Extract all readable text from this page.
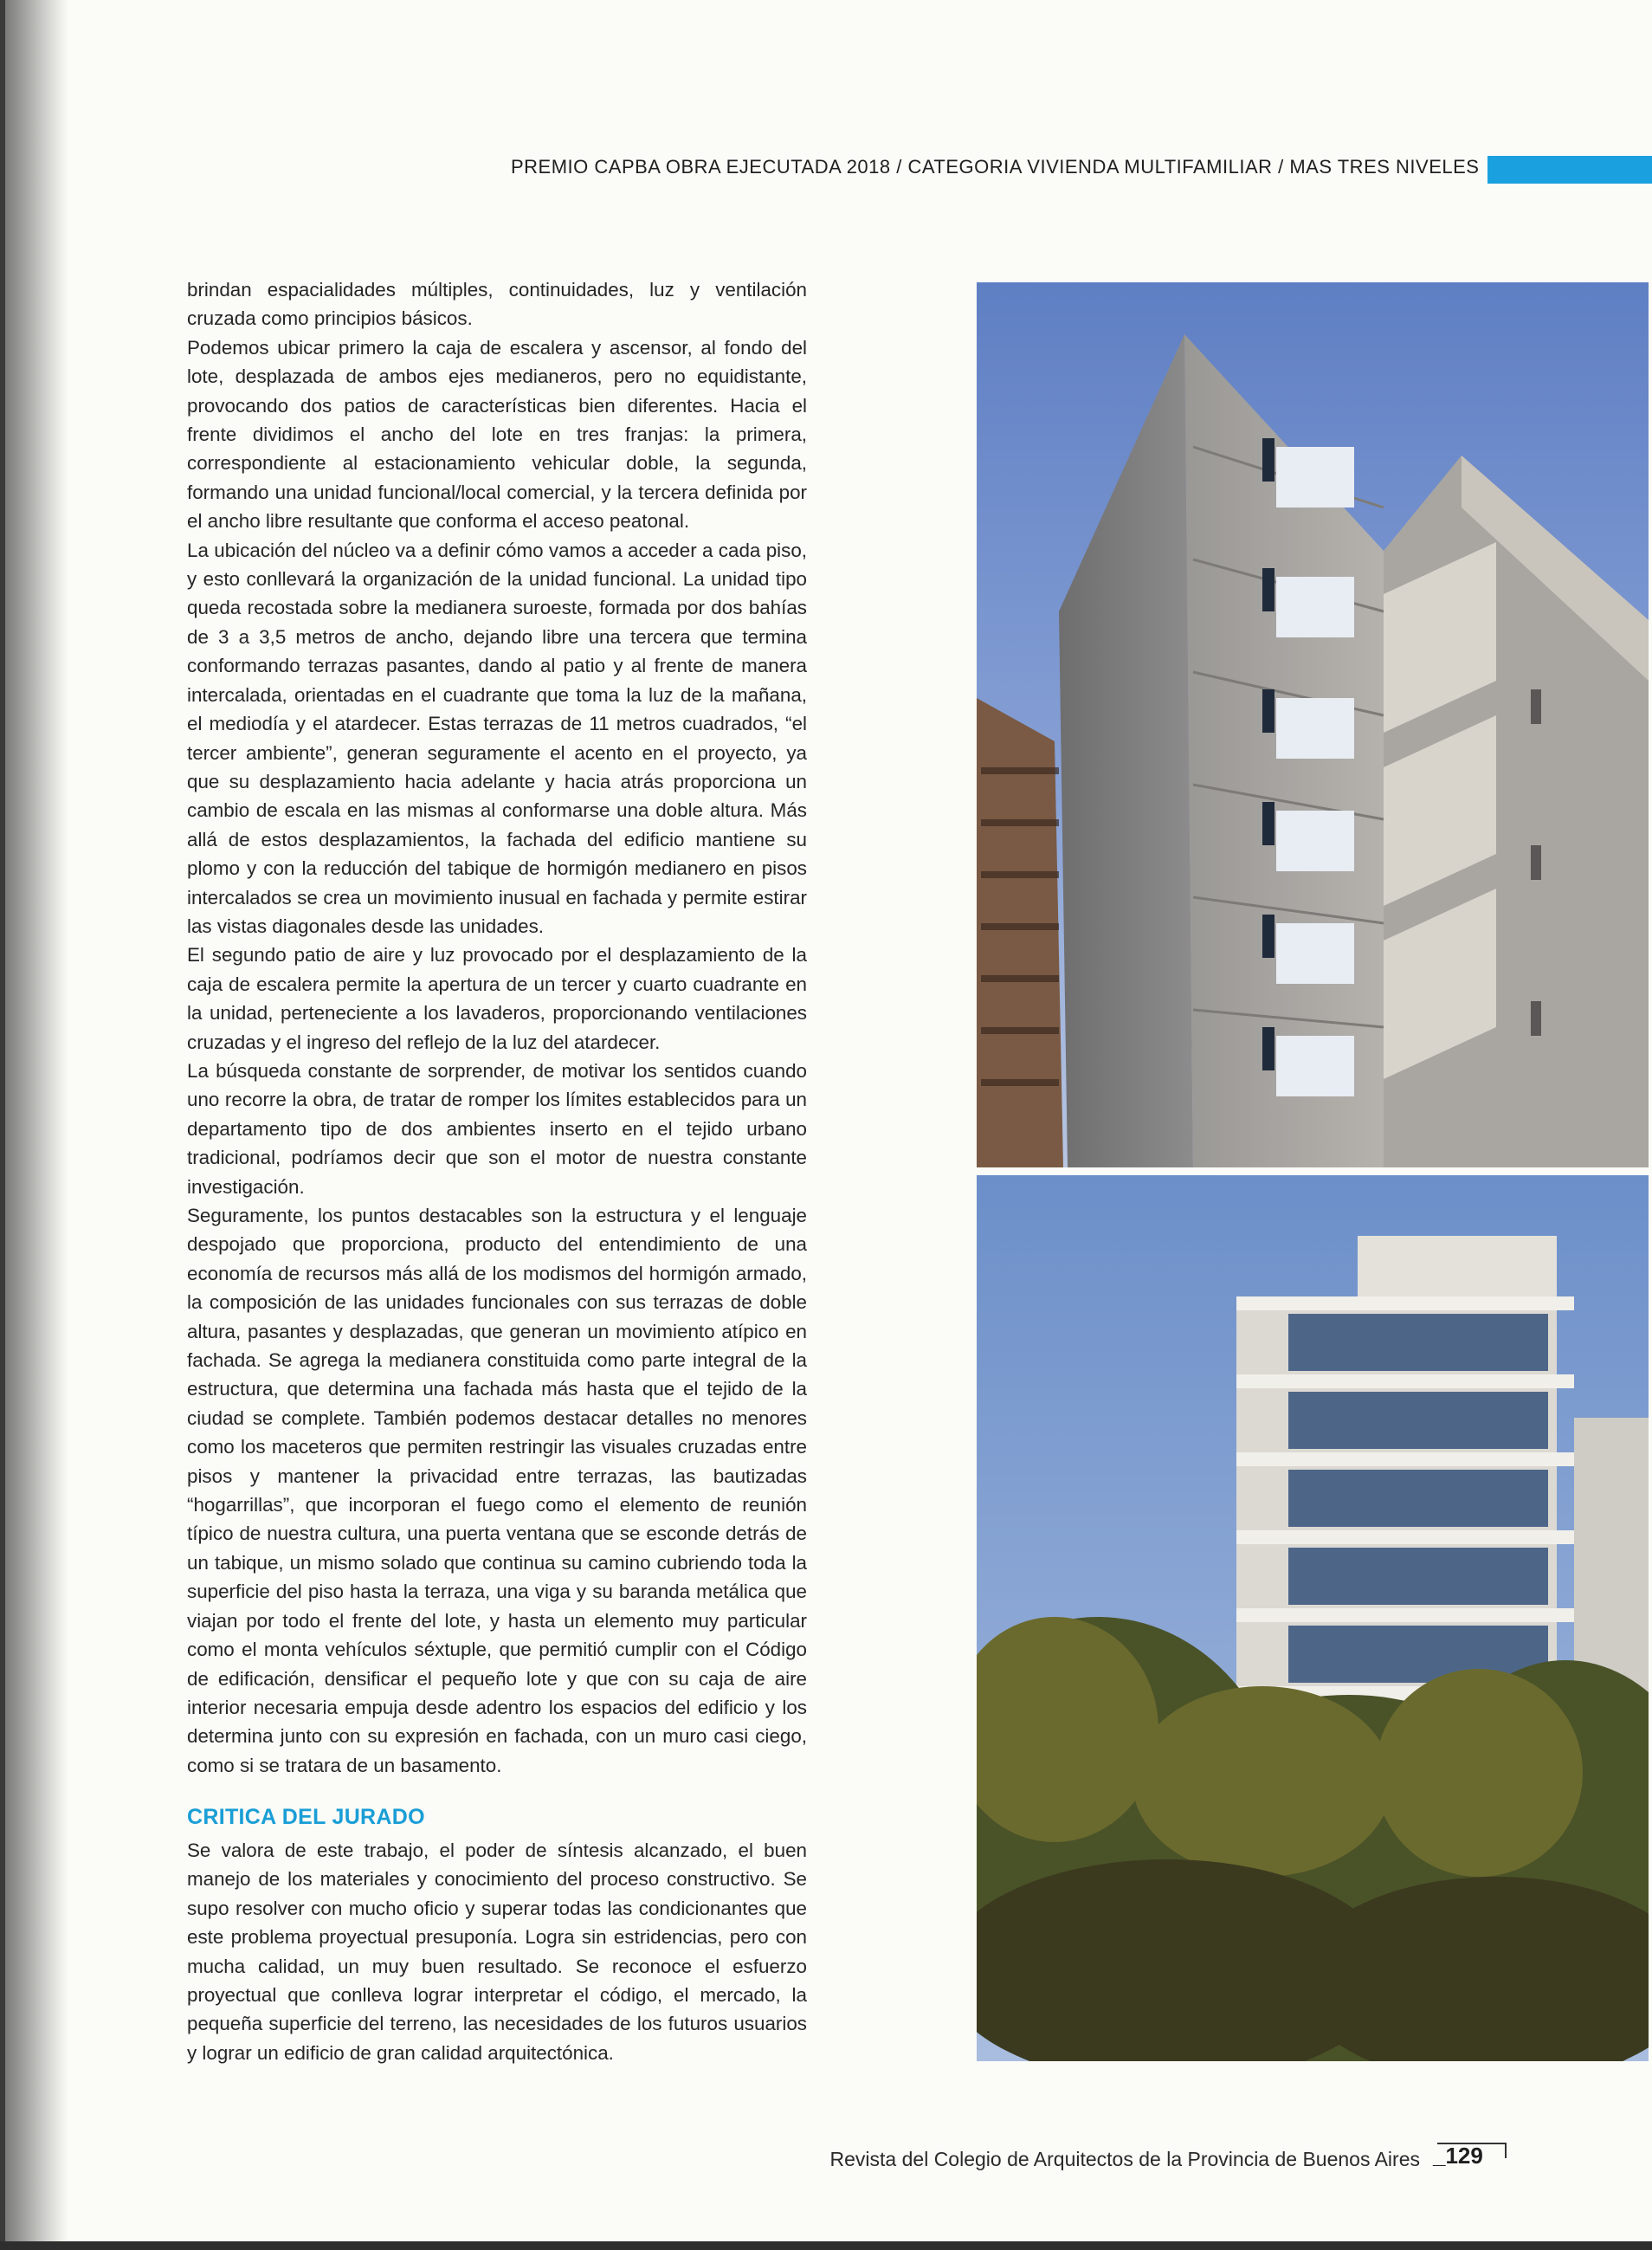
PREMIO CAPBA OBRA EJECUTADA 2018 / CATEGORIA VIVIENDA MULTIFAMILIAR / MAS TRES NIVELES

brindan espacialidades múltiples, continuidades, luz y ventilación cruzada como principios básicos.

Podemos ubicar primero la caja de escalera y ascensor, al fondo del lote, desplazada de ambos ejes medianeros, pero no equidistante, provocando dos patios de características bien diferentes. Hacia el frente dividimos el ancho del lote en tres franjas: la primera, correspondiente al estacionamiento vehicular doble, la segunda, formando una unidad funcional/local comercial, y la tercera definida por el ancho libre resultante que conforma el acceso peatonal.

La ubicación del núcleo va a definir cómo vamos a acceder a cada piso, y esto conllevará la organización de la unidad funcional. La unidad tipo queda recostada sobre la medianera suroeste, formada por dos bahías de 3 a 3,5 metros de ancho, dejando libre una tercera que termina conformando terrazas pasantes, dando al patio y al frente de manera intercalada, orientadas en el cuadrante que toma la luz de la mañana, el mediodía y el atardecer. Estas terrazas de 11 metros cuadrados, “el tercer ambiente”, generan seguramente el acento en el proyecto, ya que su desplazamiento hacia adelante y hacia atrás proporciona un cambio de escala en las mismas al conformarse una doble altura. Más allá de estos desplazamientos, la fachada del edificio mantiene su plomo y con la reducción del tabique de hormigón medianero en pisos intercalados se crea un movimiento inusual en fachada y permite estirar las vistas diagonales desde las unidades.

El segundo patio de aire y luz provocado por el desplazamiento de la caja de escalera permite la apertura de un tercer y cuarto cuadrante en la unidad, perteneciente a los lavaderos, proporcionando ventilaciones cruzadas y el ingreso del reflejo de la luz del atardecer.

La búsqueda constante de sorprender, de motivar los sentidos cuando uno recorre la obra, de tratar de romper los límites establecidos para un departamento tipo de dos ambientes inserto en el tejido urbano tradicional, podríamos decir que son el motor de nuestra constante investigación.

Seguramente, los puntos destacables son la estructura y el lenguaje despojado que proporciona, producto del entendimiento de una economía de recursos más allá de los modismos del hormigón armado, la composición de las unidades funcionales con sus terrazas de doble altura, pasantes y desplazadas, que generan un movimiento atípico en fachada. Se agrega la medianera constituida como parte integral de la estructura, que determina una fachada más hasta que el tejido de la ciudad se complete. También podemos destacar detalles no menores como los maceteros que permiten restringir las visuales cruzadas entre pisos y mantener la privacidad entre terrazas, las bautizadas “hogarrillas”, que incorporan el fuego como el elemento de reunión típico de nuestra cultura, una puerta ventana que se esconde detrás de un tabique, un mismo solado que continua su camino cubriendo toda la superficie del piso hasta la terraza, una viga y su baranda metálica que viajan por todo el frente del lote, y hasta un elemento muy particular como el monta vehículos séxtuple, que permitió cumplir con el Código de edificación, densificar el pequeño lote y que con su caja de aire interior necesaria empuja desde adentro los espacios del edificio y los determina junto con su expresión en fachada, con un muro casi ciego, como si se tratara de un basamento.

CRITICA DEL JURADO
Se valora de este trabajo, el poder de síntesis alcanzado, el buen manejo de los materiales y conocimiento del proceso constructivo. Se supo resolver con mucho oficio y superar todas las condicionantes que este problema proyectual presuponía. Logra sin estridencias, pero con mucha calidad, un muy buen resultado. Se reconoce el esfuerzo proyectual que conlleva lograr interpretar el código, el mercado, la pequeña superficie del terreno, las necesidades de los futuros usuarios y lograr un edificio de gran calidad arquitectónica.
Revista del Colegio de Arquitectos de la Provincia de Buenos Aires
_	129
